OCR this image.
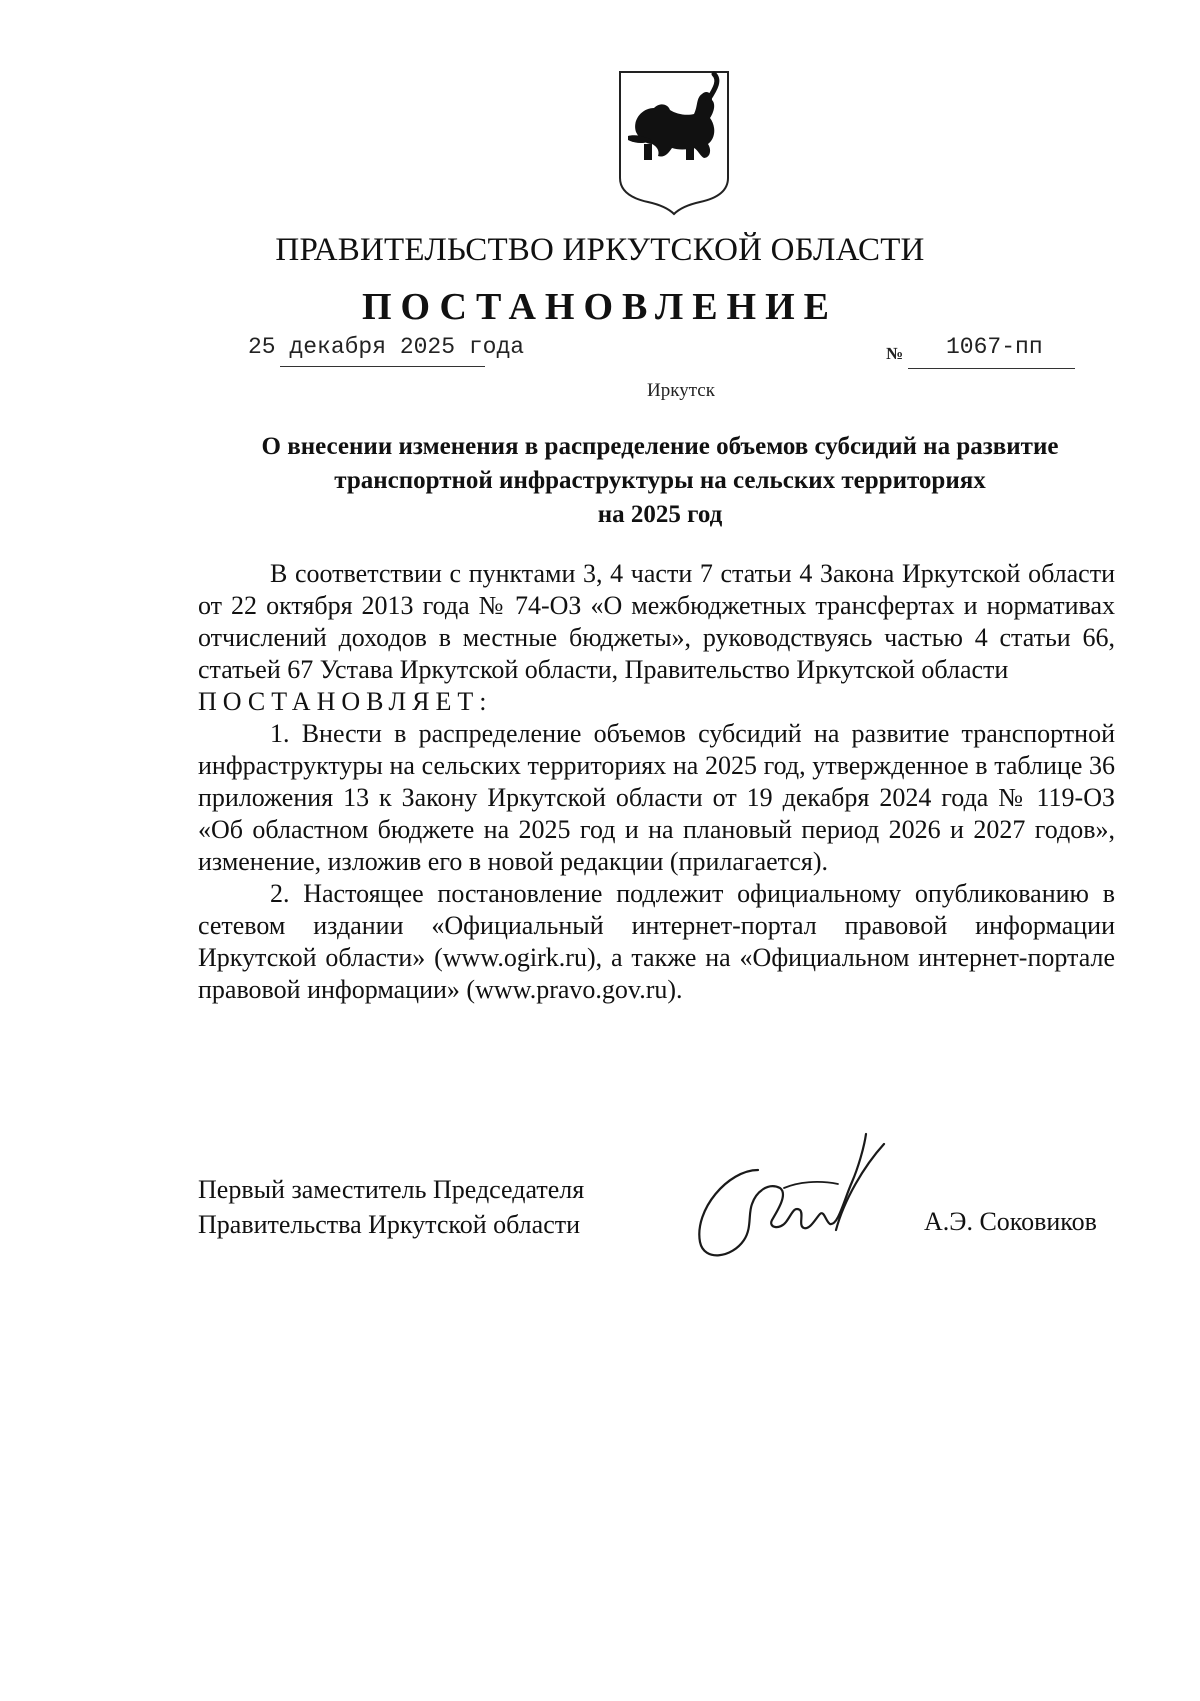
ПРАВИТЕЛЬСТВО ИРКУТСКОЙ ОБЛАСТИ
ПОСТАНОВЛЕНИЕ
25 декабря 2025 года	№ 1067-пп
Иркутск
О внесении изменения в распределение объемов субсидий на развитие
транспортной инфраструктуры на сельских территориях
на 2025 год

В соответствии с пунктами 3, 4 части 7 статьи 4 Закона Иркутской области от 22 октября 2013 года № 74-ОЗ «О межбюджетных трансфертах и нормативах отчислений доходов в местные бюджеты», руководствуясь частью 4 статьи 66, статьей 67 Устава Иркутской области, Правительство Иркутской области

ПОСТАНОВЛЯЕТ:

1. Внести в распределение объемов субсидий на развитие транспортной инфраструктуры на сельских территориях на 2025 год, утвержденное в таблице 36 приложения 13 к Закону Иркутской области от 19 декабря 2024 года № 119-ОЗ «Об областном бюджете на 2025 год и на плановый период 2026 и 2027 годов», изменение, изложив его в новой редакции (прилагается).

2. Настоящее постановление подлежит официальному опубликованию в сетевом издании «Официальный интернет-портал правовой информации Иркутской области» (www.ogirk.ru), а также на «Официальном интернет-портале правовой информации» (www.pravo.gov.ru).

Первый заместитель Председателя
Правительства Иркутской области	А.Э. Соковиков
